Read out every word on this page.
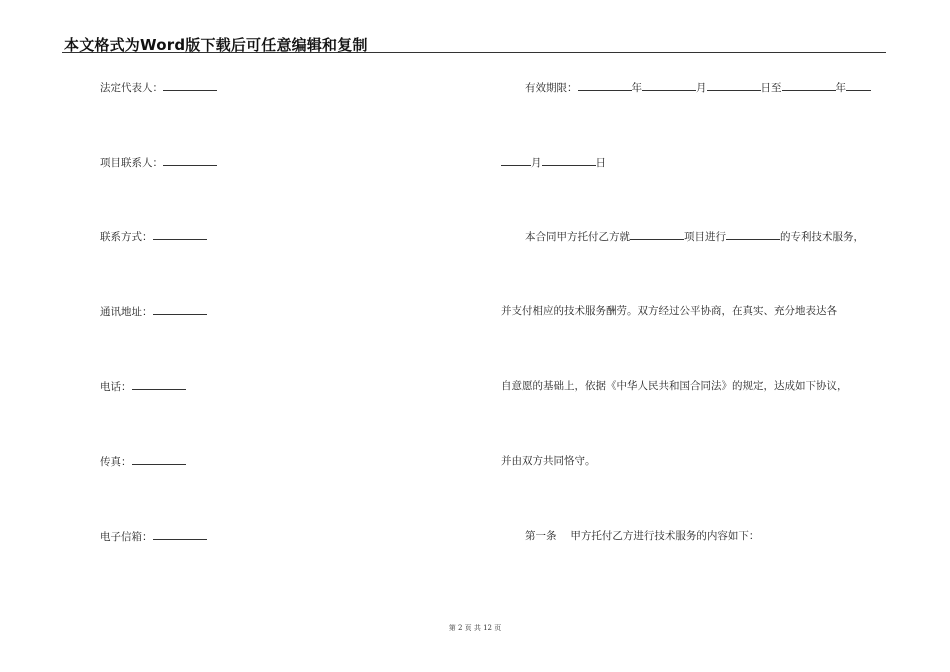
本文格式为Word版下载后可任意编辑和复制
法定代表人：
项目联系人：
联系方式：
通讯地址：
电话：
传真：
电子信箱：
有效期限：	年	月	日至	年
月	日
本合同甲方托付乙方就	项目进行	的专利技术服务，
并支付相应的技术服务酬劳。双方经过公平协商，在真实、充分地表达各
自意愿的基础上，依据《中华人民共和国合同法》的规定，达成如下协议，
并由双方共同恪守。
第一条　 甲方托付乙方进行技术服务的内容如下：
第 2 页 共 12 页
